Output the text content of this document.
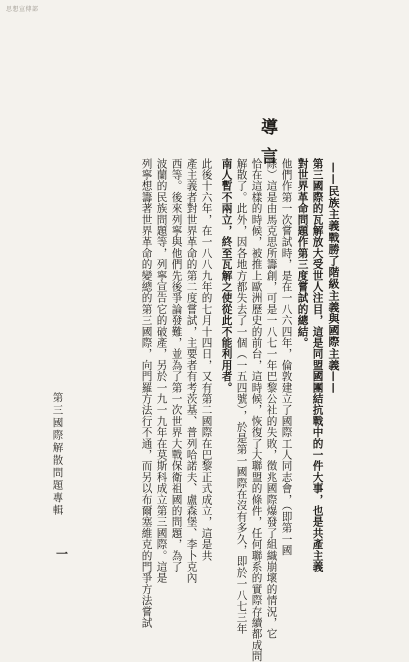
思想宣傳部
導言
——民族主義戰勝了階級主義與國際主義——
第三國際的瓦解放大受世人注目，這是同盟國團結抗戰中的一件大事，也是共產主義
對世界革命問題作第三度嘗試的總結。
他們作第一次嘗試時，是在一八六四年，倫敦建立了國際工人同志會，（即第一國
際）這是由馬克思所籌創，可是一八七一年巴黎公社的失敗，徵兆國際爆發了組織崩壞的情況，它
恰在這樣的時候，被推上歐洲歷史的前台，這時候，恢復了大聯盟的條件，任何聯系的實際存續都成問
解散了。此外，因各地方都失去了一個（一五四號），於是第一國際在沒有多久，即於一八七三年
南人暫不兩立，終至瓦解之使從此不能利用者。
此後十六年，在一八八九年的七月十四日，又有第二國際在巴黎正式成立，這是共
產主義者對世界革命的第二度嘗試，主要者有考茨基、普列哈諾夫、盧森堡、李卜克內
西等。後來列寧與他們先後爭論發難，並為了第一次世界大戰保衛祖國的問題，為了
波蘭的民族問題等，列寧宣告它的破產，另於一九一九年在莫斯科成立第三國際。這是
列寧想籌著世界革命的變總的第三國際，向門羅方法行不通，而另以布爾塞維克的門爭方法嘗試
第三國際解散問題專輯
一
